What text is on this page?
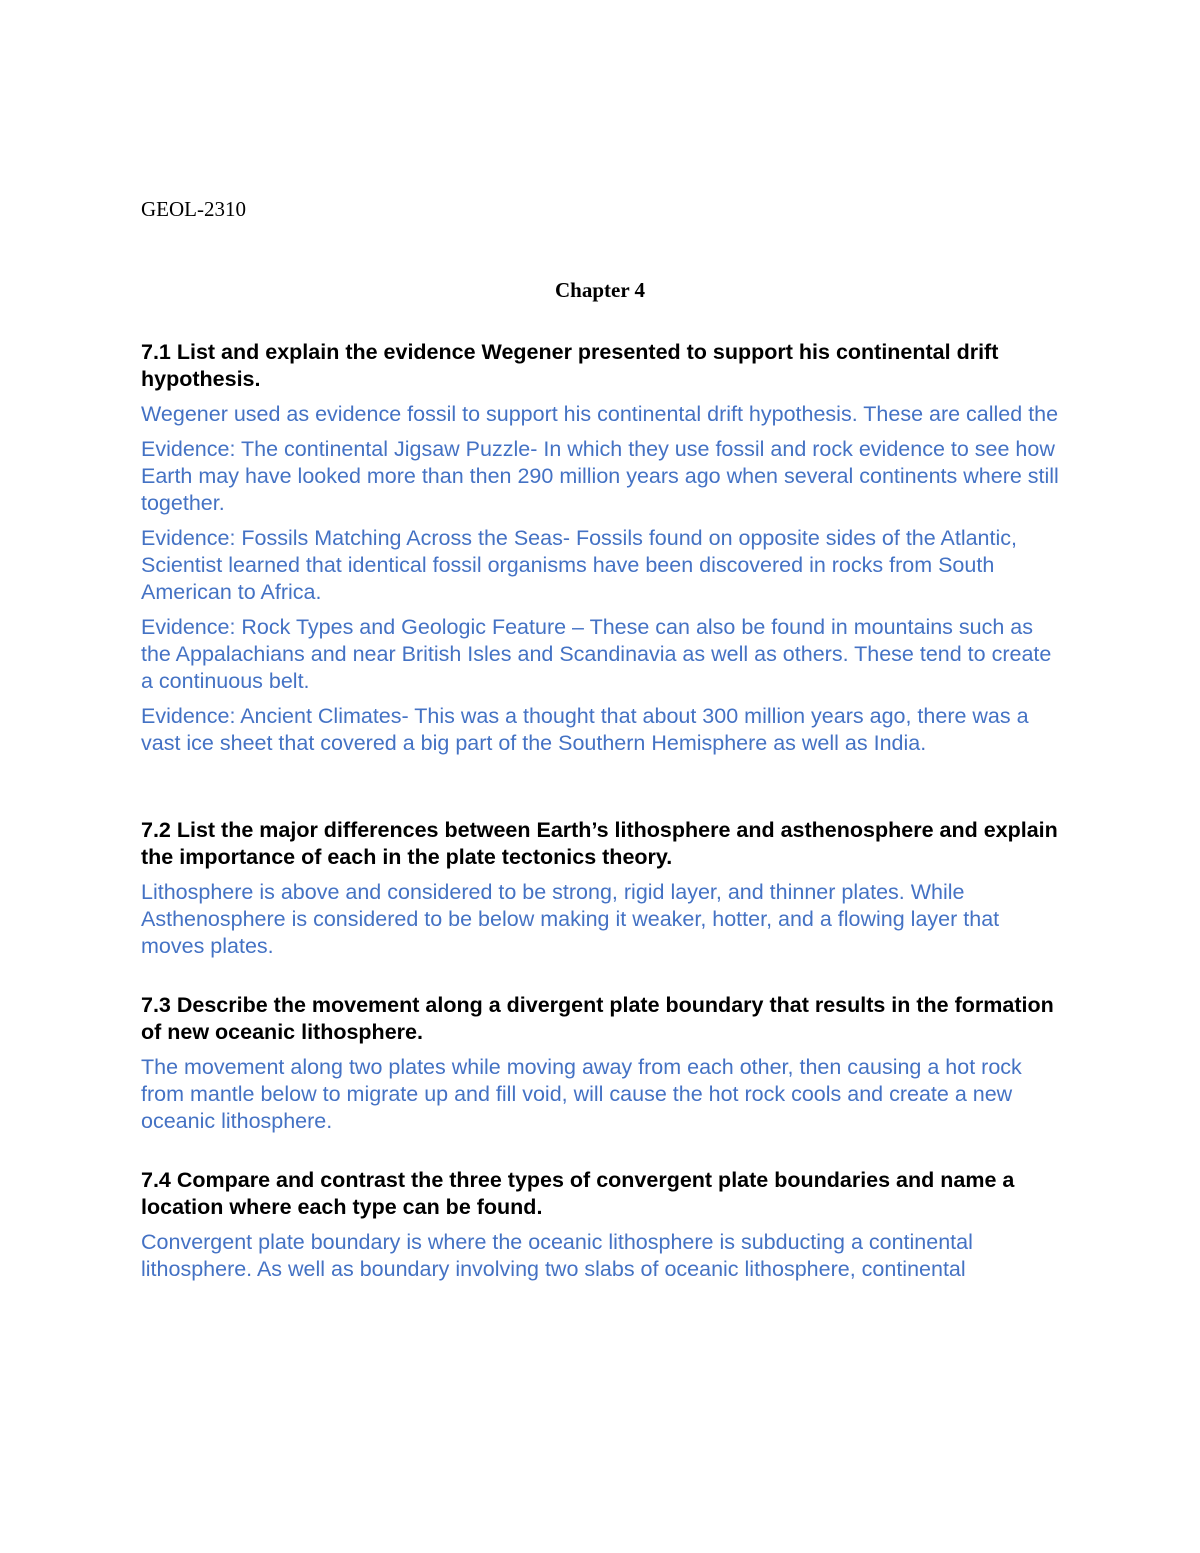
GEOL-2310

Chapter 4

7.1 List and explain the evidence Wegener presented to support his continental drift hypothesis.

Wegener used as evidence fossil to support his continental drift hypothesis. These are called the

Evidence: The continental Jigsaw Puzzle- In which they use fossil and rock evidence to see how Earth may have looked more than then 290 million years ago when several continents where still together.

Evidence: Fossils Matching Across the Seas- Fossils found on opposite sides of the Atlantic, Scientist learned that identical fossil organisms have been discovered in rocks from South American to Africa.

Evidence: Rock Types and Geologic Feature – These can also be found in mountains such as the Appalachians and near British Isles and Scandinavia as well as others. These tend to create a continuous belt.

Evidence: Ancient Climates- This was a thought that about 300 million years ago, there was a vast ice sheet that covered a big part of the Southern Hemisphere as well as India.

7.2 List the major differences between Earth’s lithosphere and asthenosphere and explain the importance of each in the plate tectonics theory.

Lithosphere is above and considered to be strong, rigid layer, and thinner plates. While Asthenosphere is considered to be below making it weaker, hotter, and a flowing layer that moves plates.

7.3 Describe the movement along a divergent plate boundary that results in the formation of new oceanic lithosphere.

The movement along two plates while moving away from each other, then causing a hot rock from mantle below to migrate up and fill void, will cause the hot rock cools and create a new oceanic lithosphere.

7.4 Compare and contrast the three types of convergent plate boundaries and name a location where each type can be found.

Convergent plate boundary is where the oceanic lithosphere is subducting a continental lithosphere. As well as boundary involving two slabs of oceanic lithosphere, continental
